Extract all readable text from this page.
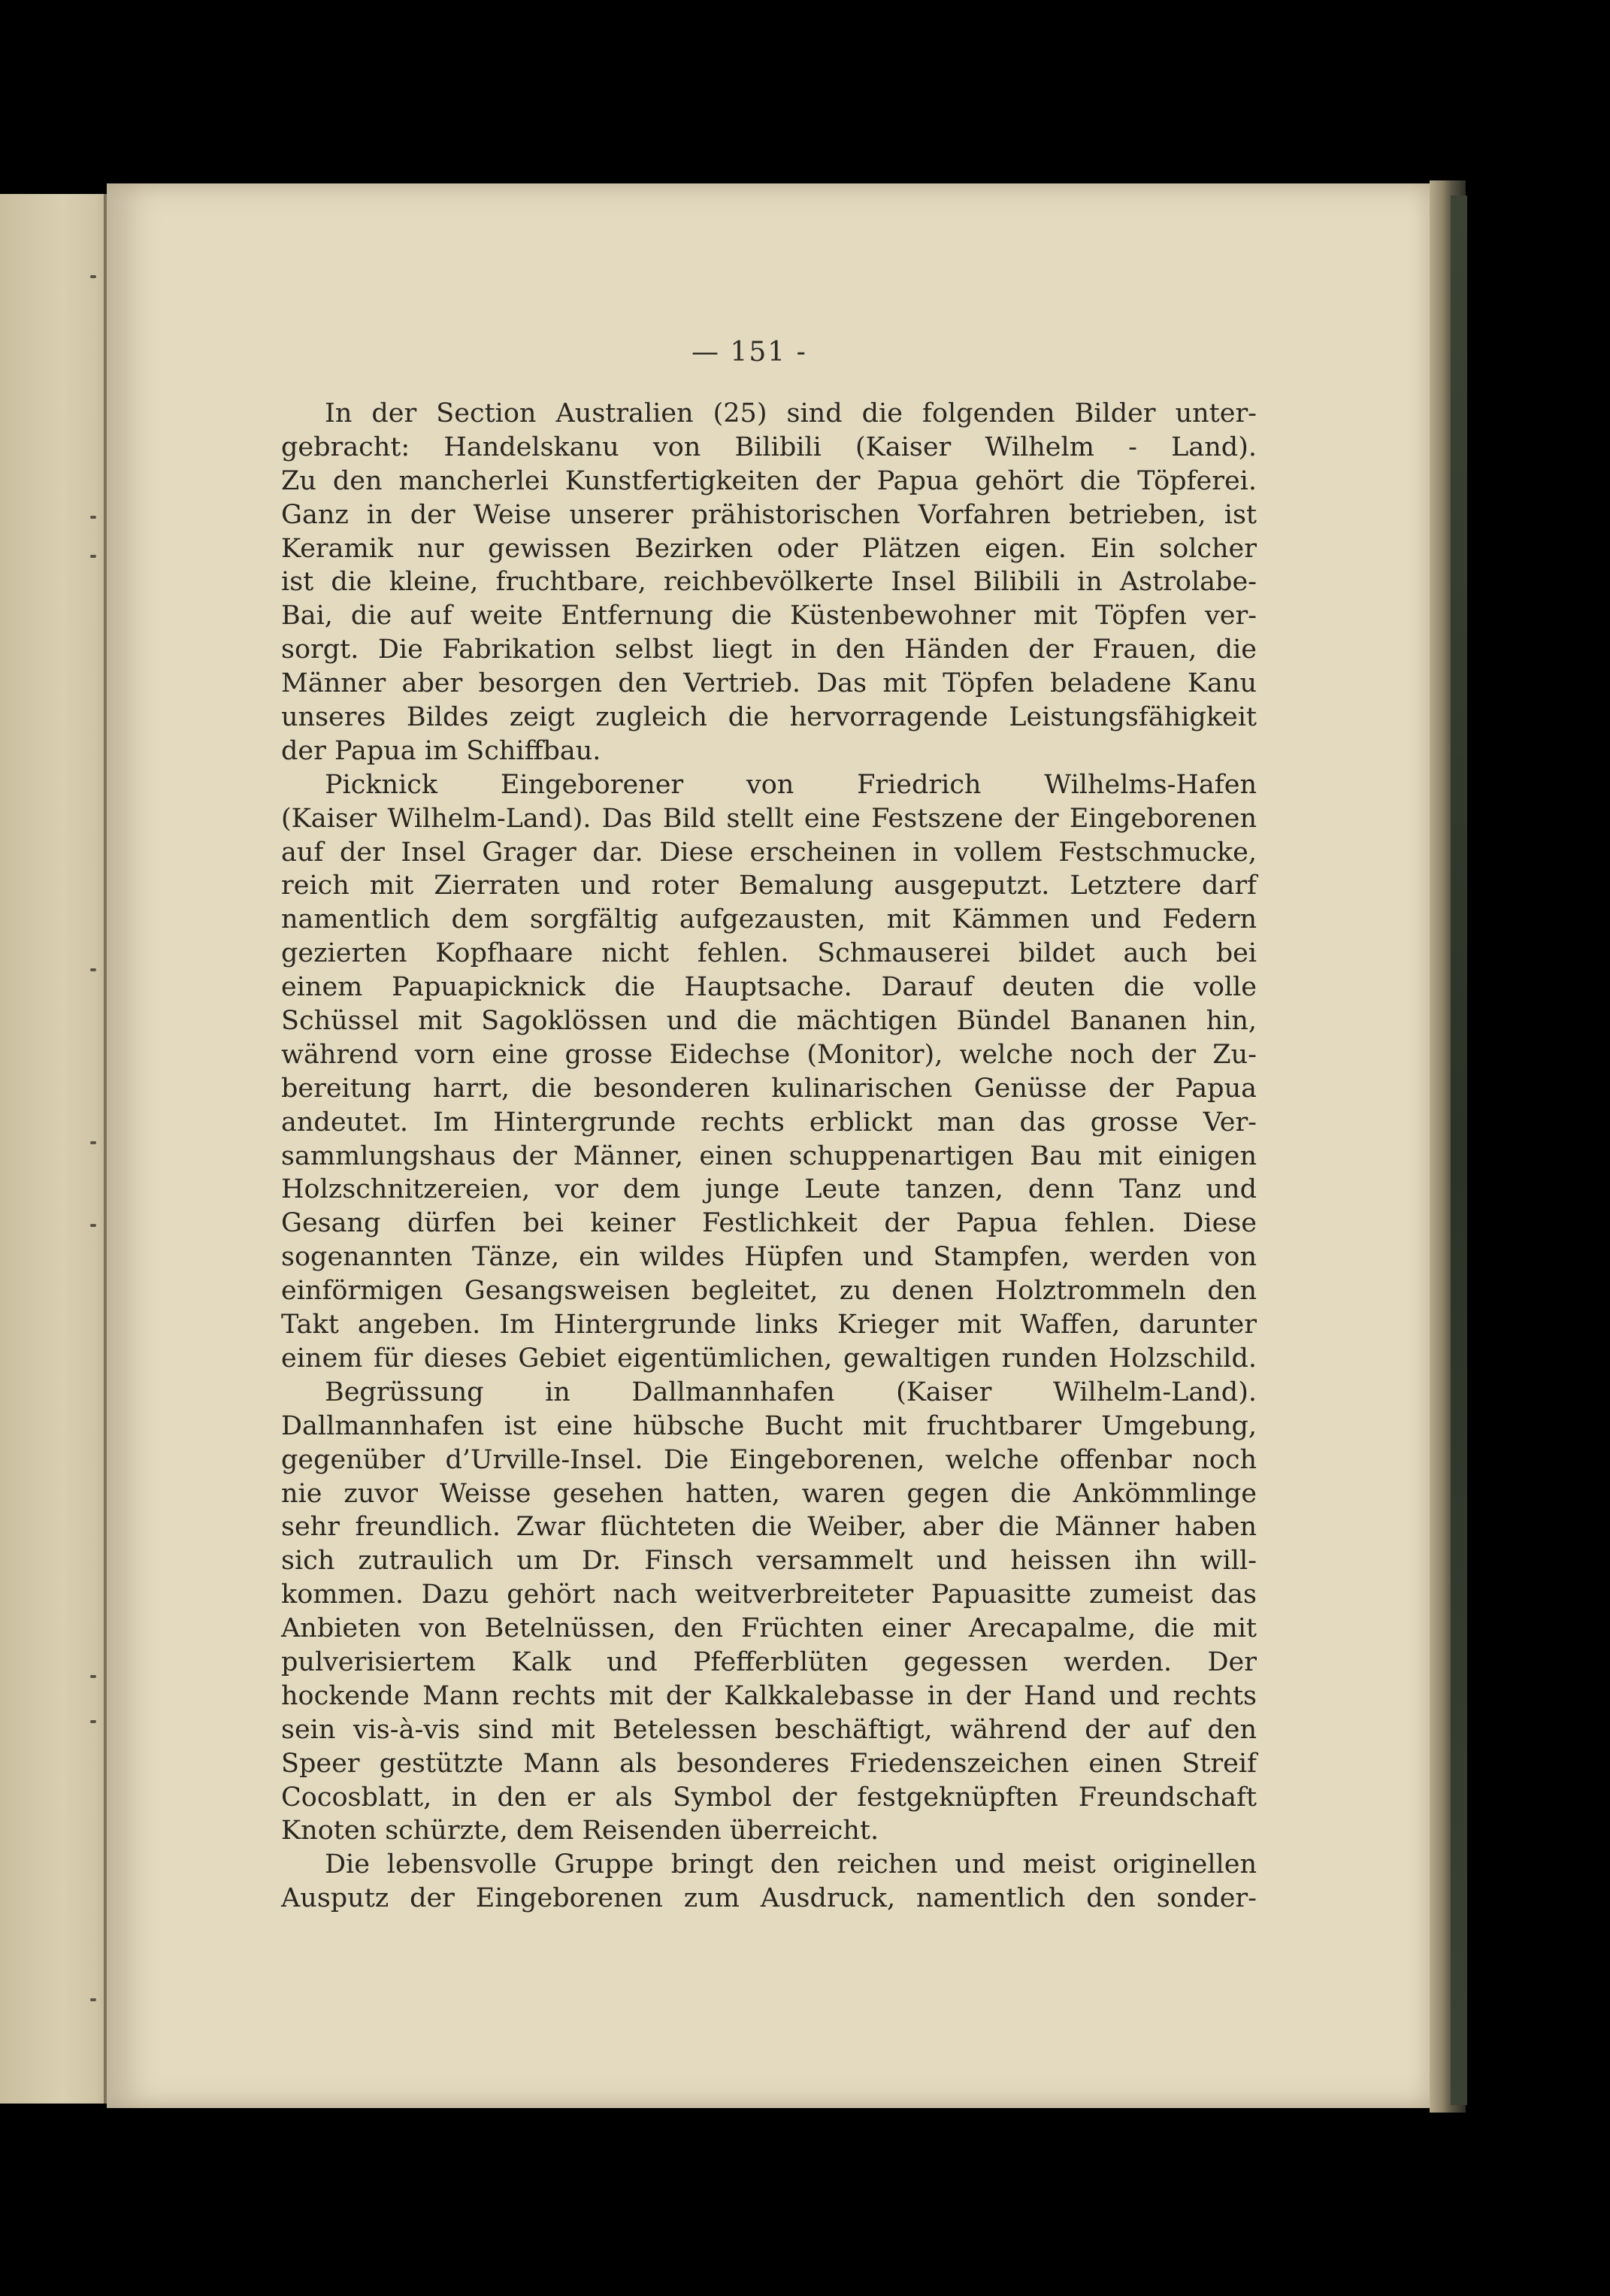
— 151 -
In der Section Australien (25) sind die folgenden Bilder unter-
gebracht: Handelskanu von Bilibili (Kaiser Wilhelm - Land).
Zu den mancherlei Kunstfertigkeiten der Papua gehört die Töpferei.
Ganz in der Weise unserer prähistorischen Vorfahren betrieben, ist
Keramik nur gewissen Bezirken oder Plätzen eigen. Ein solcher
ist die kleine, fruchtbare, reichbevölkerte Insel Bilibili in Astrolabe-
Bai, die auf weite Entfernung die Küstenbewohner mit Töpfen ver-
sorgt. Die Fabrikation selbst liegt in den Händen der Frauen, die
Männer aber besorgen den Vertrieb. Das mit Töpfen beladene Kanu
unseres Bildes zeigt zugleich die hervorragende Leistungsfähigkeit
der Papua im Schiffbau.
Picknick Eingeborener von Friedrich Wilhelms-Hafen
(Kaiser Wilhelm-Land). Das Bild stellt eine Festszene der Eingeborenen
auf der Insel Grager dar. Diese erscheinen in vollem Festschmucke,
reich mit Zierraten und roter Bemalung ausgeputzt. Letztere darf
namentlich dem sorgfältig aufgezausten, mit Kämmen und Federn
gezierten Kopfhaare nicht fehlen. Schmauserei bildet auch bei
einem Papuapicknick die Hauptsache. Darauf deuten die volle
Schüssel mit Sagoklössen und die mächtigen Bündel Bananen hin,
während vorn eine grosse Eidechse (Monitor), welche noch der Zu-
bereitung harrt, die besonderen kulinarischen Genüsse der Papua
andeutet. Im Hintergrunde rechts erblickt man das grosse Ver-
sammlungshaus der Männer, einen schuppenartigen Bau mit einigen
Holzschnitzereien, vor dem junge Leute tanzen, denn Tanz und
Gesang dürfen bei keiner Festlichkeit der Papua fehlen. Diese
sogenannten Tänze, ein wildes Hüpfen und Stampfen, werden von
einförmigen Gesangsweisen begleitet, zu denen Holztrommeln den
Takt angeben. Im Hintergrunde links Krieger mit Waffen, darunter
einem für dieses Gebiet eigentümlichen, gewaltigen runden Holzschild.
Begrüssung in Dallmannhafen (Kaiser Wilhelm-Land).
Dallmannhafen ist eine hübsche Bucht mit fruchtbarer Umgebung,
gegenüber d’Urville-Insel. Die Eingeborenen, welche offenbar noch
nie zuvor Weisse gesehen hatten, waren gegen die Ankömmlinge
sehr freundlich. Zwar flüchteten die Weiber, aber die Männer haben
sich zutraulich um Dr. Finsch versammelt und heissen ihn will-
kommen. Dazu gehört nach weitverbreiteter Papuasitte zumeist das
Anbieten von Betelnüssen, den Früchten einer Arecapalme, die mit
pulverisiertem Kalk und Pfefferblüten gegessen werden. Der
hockende Mann rechts mit der Kalkkalebasse in der Hand und rechts
sein vis-à-vis sind mit Betelessen beschäftigt, während der auf den
Speer gestützte Mann als besonderes Friedenszeichen einen Streif
Cocosblatt, in den er als Symbol der festgeknüpften Freundschaft
Knoten schürzte, dem Reisenden überreicht.
Die lebensvolle Gruppe bringt den reichen und meist originellen
Ausputz der Eingeborenen zum Ausdruck, namentlich den sonder-
